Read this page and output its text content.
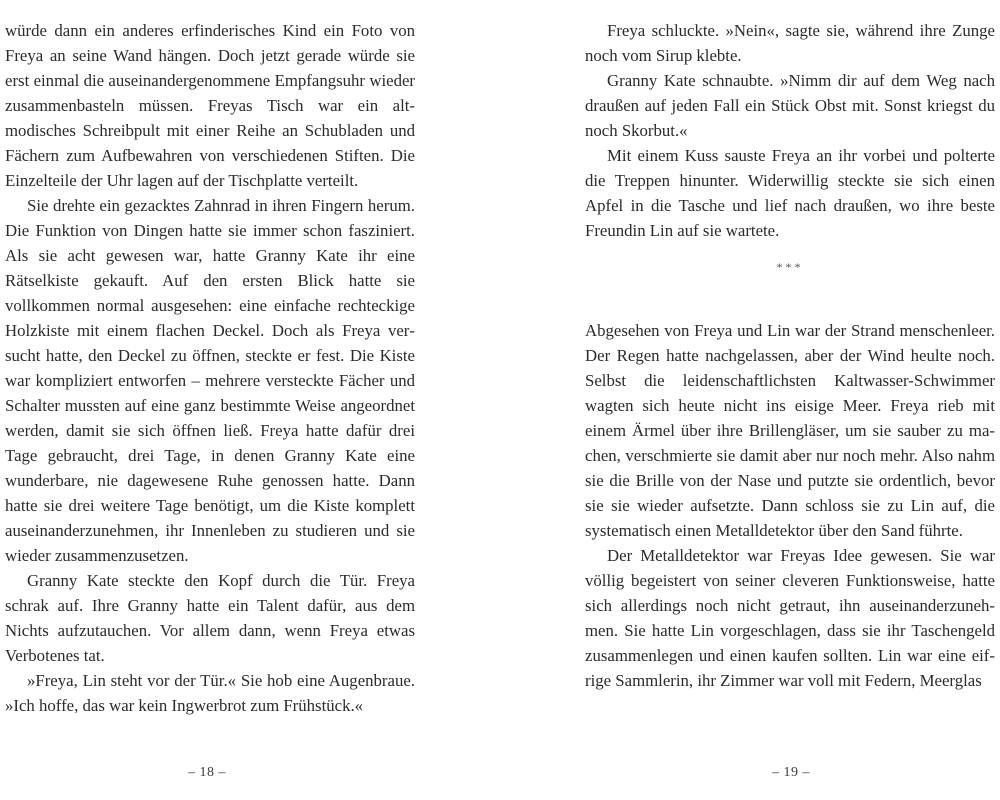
würde dann ein anderes erfinderisches Kind ein Foto von Freya an seine Wand hängen. Doch jetzt gerade würde sie erst einmal die auseinandergenommene Empfangsuhr wieder zusammenbasteln müssen. Freyas Tisch war ein altmodisches Schreibpult mit einer Reihe an Schubladen und Fächern zum Aufbewahren von verschiedenen Stiften. Die Einzelteile der Uhr lagen auf der Tischplatte verteilt.

Sie drehte ein gezacktes Zahnrad in ihren Fingern herum. Die Funktion von Dingen hatte sie immer schon fasziniert. Als sie acht gewesen war, hatte Granny Kate ihr eine Rätselkiste gekauft. Auf den ersten Blick hatte sie vollkommen normal ausgesehen: eine einfache rechteckige Holzkiste mit einem flachen Deckel. Doch als Freya versucht hatte, den Deckel zu öffnen, steckte er fest. Die Kiste war kompliziert entworfen – mehrere versteckte Fächer und Schalter mussten auf eine ganz bestimmte Weise angeordnet werden, damit sie sich öffnen ließ. Freya hatte dafür drei Tage gebraucht, drei Tage, in denen Granny Kate eine wunderbare, nie dagewesene Ruhe genossen hatte. Dann hatte sie drei weitere Tage benötigt, um die Kiste komplett auseinanderzunehmen, ihr Innenleben zu studieren und sie wieder zusammenzusetzen.

Granny Kate steckte den Kopf durch die Tür. Freya schrak auf. Ihre Granny hatte ein Talent dafür, aus dem Nichts aufzutauchen. Vor allem dann, wenn Freya etwas Verbotenes tat.

»Freya, Lin steht vor der Tür.« Sie hob eine Augenbraue. »Ich hoffe, das war kein Ingwerbrot zum Frühstück.«

– 18 –

Freya schluckte. »Nein«, sagte sie, während ihre Zunge noch vom Sirup klebte.

Granny Kate schnaubte. »Nimm dir auf dem Weg nach draußen auf jeden Fall ein Stück Obst mit. Sonst kriegst du noch Skorbut.«

Mit einem Kuss sauste Freya an ihr vorbei und polterte die Treppen hinunter. Widerwillig steckte sie sich einen Apfel in die Tasche und lief nach draußen, wo ihre beste Freundin Lin auf sie wartete.

***

Abgesehen von Freya und Lin war der Strand menschenleer. Der Regen hatte nachgelassen, aber der Wind heulte noch. Selbst die leidenschaftlichsten Kaltwasser-Schwimmer wagten sich heute nicht ins eisige Meer. Freya rieb mit einem Ärmel über ihre Brillengläser, um sie sauber zu machen, verschmierte sie damit aber nur noch mehr. Also nahm sie die Brille von der Nase und putzte sie ordentlich, bevor sie sie wieder aufsetzte. Dann schloss sie zu Lin auf, die systematisch einen Metalldetektor über den Sand führte.

Der Metalldetektor war Freyas Idee gewesen. Sie war völlig begeistert von seiner cleveren Funktionsweise, hatte sich allerdings noch nicht getraut, ihn auseinanderzunehmen. Sie hatte Lin vorgeschlagen, dass sie ihr Taschengeld zusammenlegen und einen kaufen sollten. Lin war eine eifrige Sammlerin, ihr Zimmer war voll mit Federn, Meerglas

– 19 –
